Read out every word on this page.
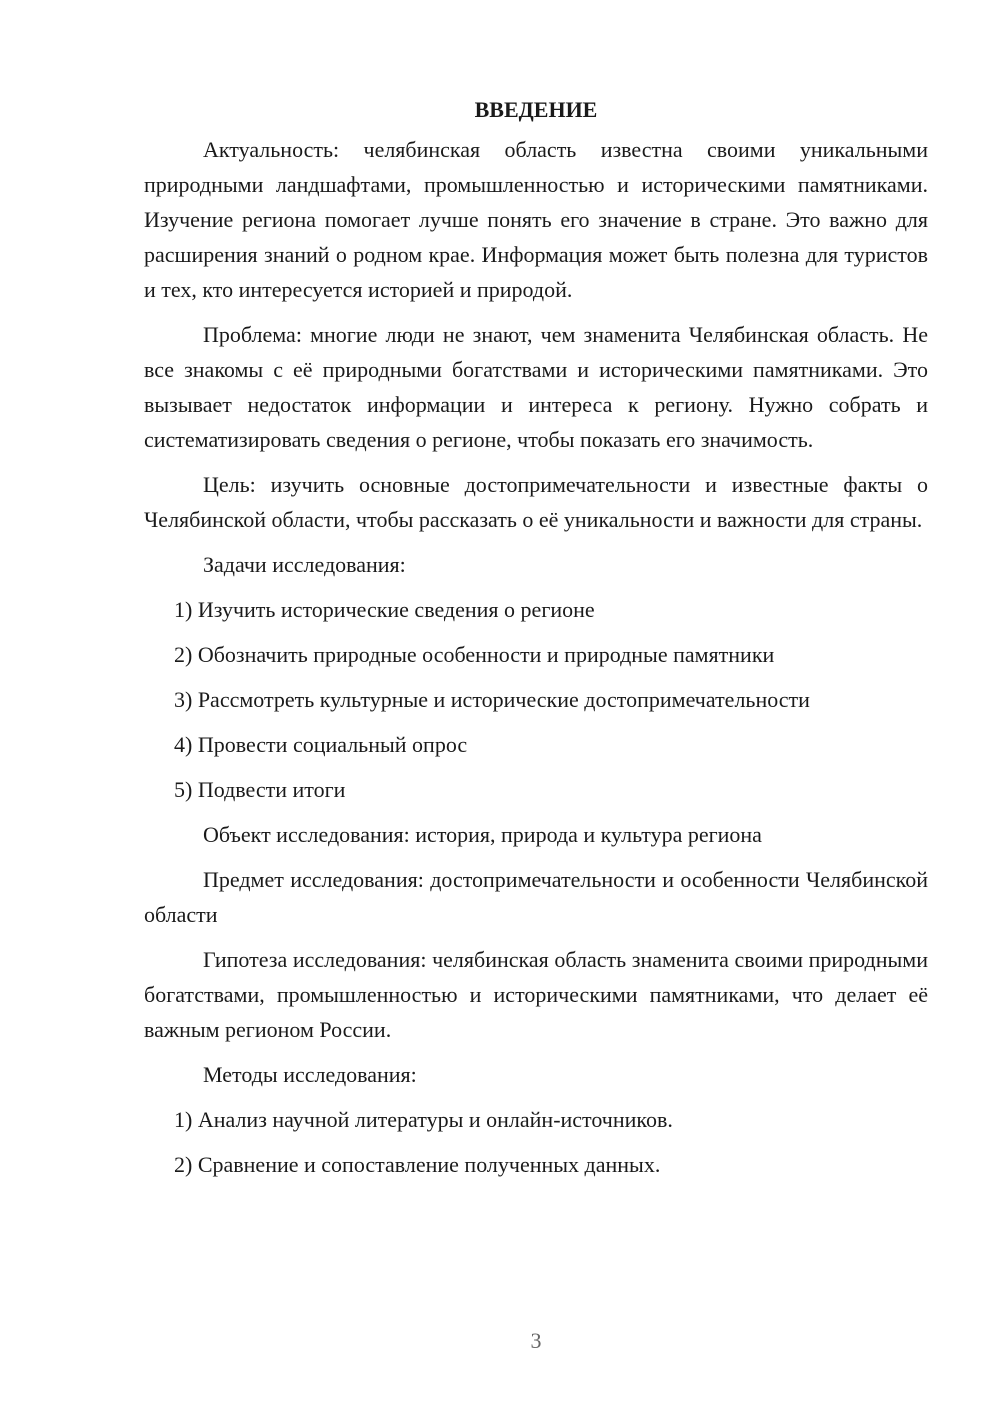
ВВЕДЕНИЕ

Актуальность: челябинская область известна своими уникальными природными ландшафтами, промышленностью и историческими памятниками. Изучение региона помогает лучше понять его значение в стране. Это важно для расширения знаний о родном крае. Информация может быть полезна для туристов и тех, кто интересуется историей и природой.

Проблема: многие люди не знают, чем знаменита Челябинская область. Не все знакомы с её природными богатствами и историческими памятниками. Это вызывает недостаток информации и интереса к региону. Нужно собрать и систематизировать сведения о регионе, чтобы показать его значимость.

Цель: изучить основные достопримечательности и известные факты о Челябинской области, чтобы рассказать о её уникальности и важности для страны.

Задачи исследования:

1) Изучить исторические сведения о регионе

2) Обозначить природные особенности и природные памятники

3) Рассмотреть культурные и исторические достопримечательности

4) Провести социальный опрос

5) Подвести итоги

Объект исследования: история, природа и культура региона

Предмет исследования: достопримечательности и особенности Челябинской области

Гипотеза исследования: челябинская область знаменита своими природными богатствами, промышленностью и историческими памятниками, что делает её важным регионом России.

Методы исследования:

1) Анализ научной литературы и онлайн-источников.

2) Сравнение и сопоставление полученных данных.

3
